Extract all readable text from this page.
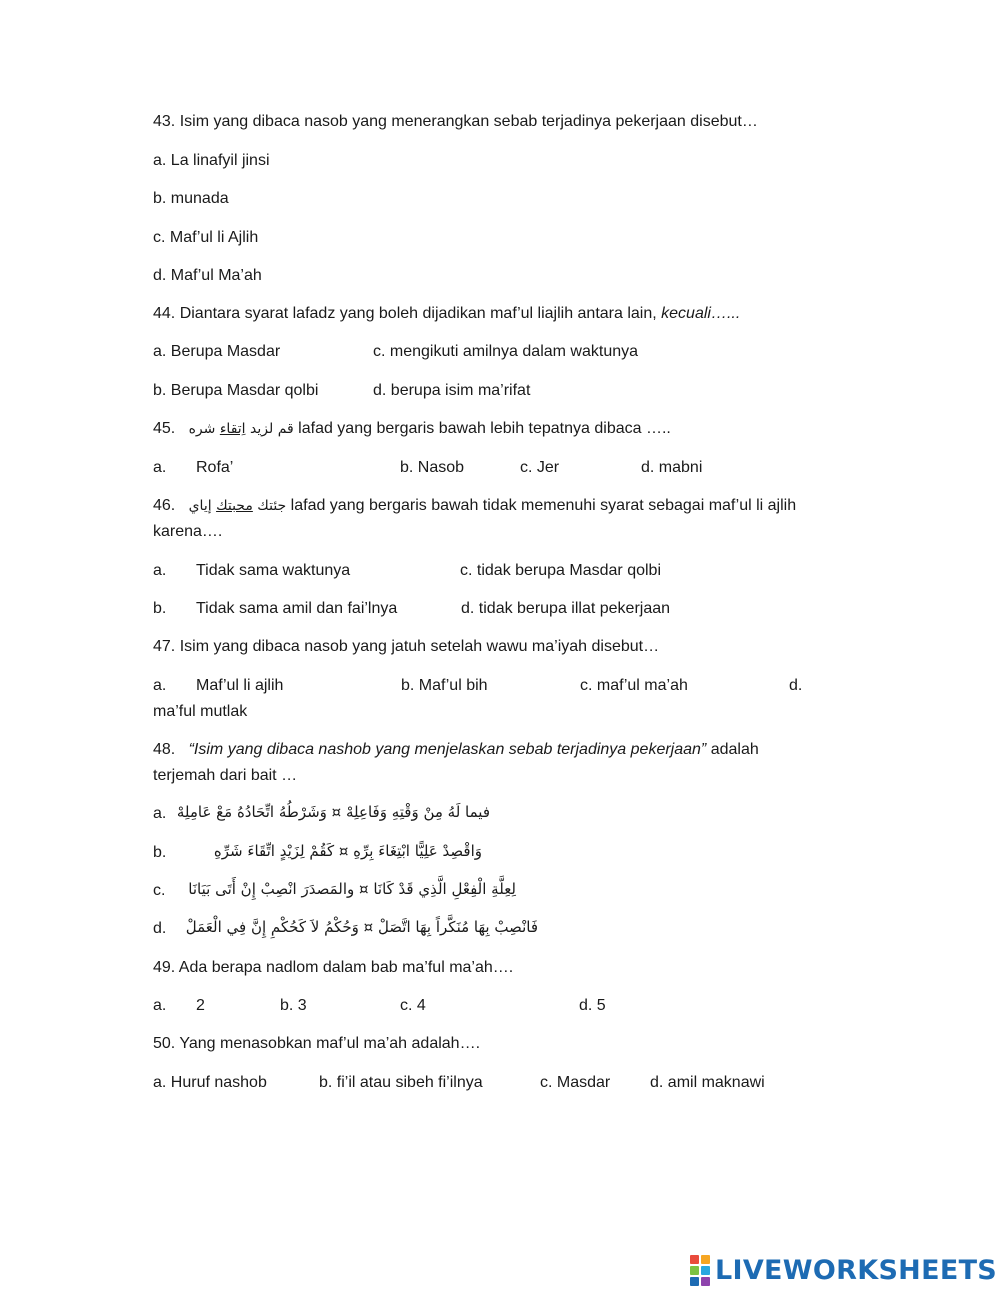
43. Isim yang dibaca nasob yang menerangkan sebab terjadinya pekerjaan disebut…
a. La linafyil jinsi
b. munada
c. Maf’ul li Ajlih
d. Maf’ul Ma’ah
44. Diantara syarat lafadz yang boleh dijadikan maf’ul liajlih antara lain, kecuali…...
a. Berupa Masdar	c. mengikuti amilnya dalam waktunya
b. Berupa Masdar qolbi	d. berupa isim ma’rifat
45.	قم لزيد اِتقاء شره	lafad yang bergaris bawah lebih tepatnya dibaca …..
a. Rofa’	b. Nasob	c. Jer	d. mabni
46.	جئتك محبتك إياي	lafad yang bergaris bawah tidak memenuhi syarat sebagai maf’ul li ajlih
karena….
a. Tidak sama waktunya	c. tidak berupa Masdar qolbi
b. Tidak sama amil dan fai’lnya	d. tidak berupa illat pekerjaan
47. Isim yang dibaca nasob yang jatuh setelah wawu ma’iyah disebut…
a. Maf’ul li ajlih	b. Maf’ul bih	c. maf’ul ma’ah	d.
ma’ful mutlak
48. “Isim yang dibaca nashob yang menjelaskan sebab terjadinya pekerjaan” adalah
terjemah dari bait …
a. فيما لَهُ مِنْ وَقْتِهِ وَفَاعِلِهْ ¤ وَشَرْطُهُ اتِّحَادُهُ مَعْ عَامِلِهْ
b.	وَاقْصِدْ عَلِيًّا ابْتِغَاءَ بِرِّهِ ¤ كَقُمْ لِزَيْدٍ اتِّقَاءَ شَرِّهِ
c. لِعِلَّةِ الْفِعْلِ الَّذِي قَدْ كَانَا ¤ والمَصدَرَ انْصِبْ إِنْ أَتَى بَيَانَا
d. فَانْصِبْ بِهَا مُنَكَّراً بِهَا اتَّصَلْ ¤ وَحُكْمُ لاَ كَحُكْمِ إِنَّ فِي الْعَمَلْ
49. Ada berapa nadlom dalam bab ma’ful ma’ah….
a. 2	b. 3	c. 4	d. 5
50. Yang menasobkan maf’ul ma’ah adalah….
a. Huruf nashob	b. fi’il atau sibeh fi’ilnya	c. Masdar d. amil maknawi
LIVEWORKSHEETS
